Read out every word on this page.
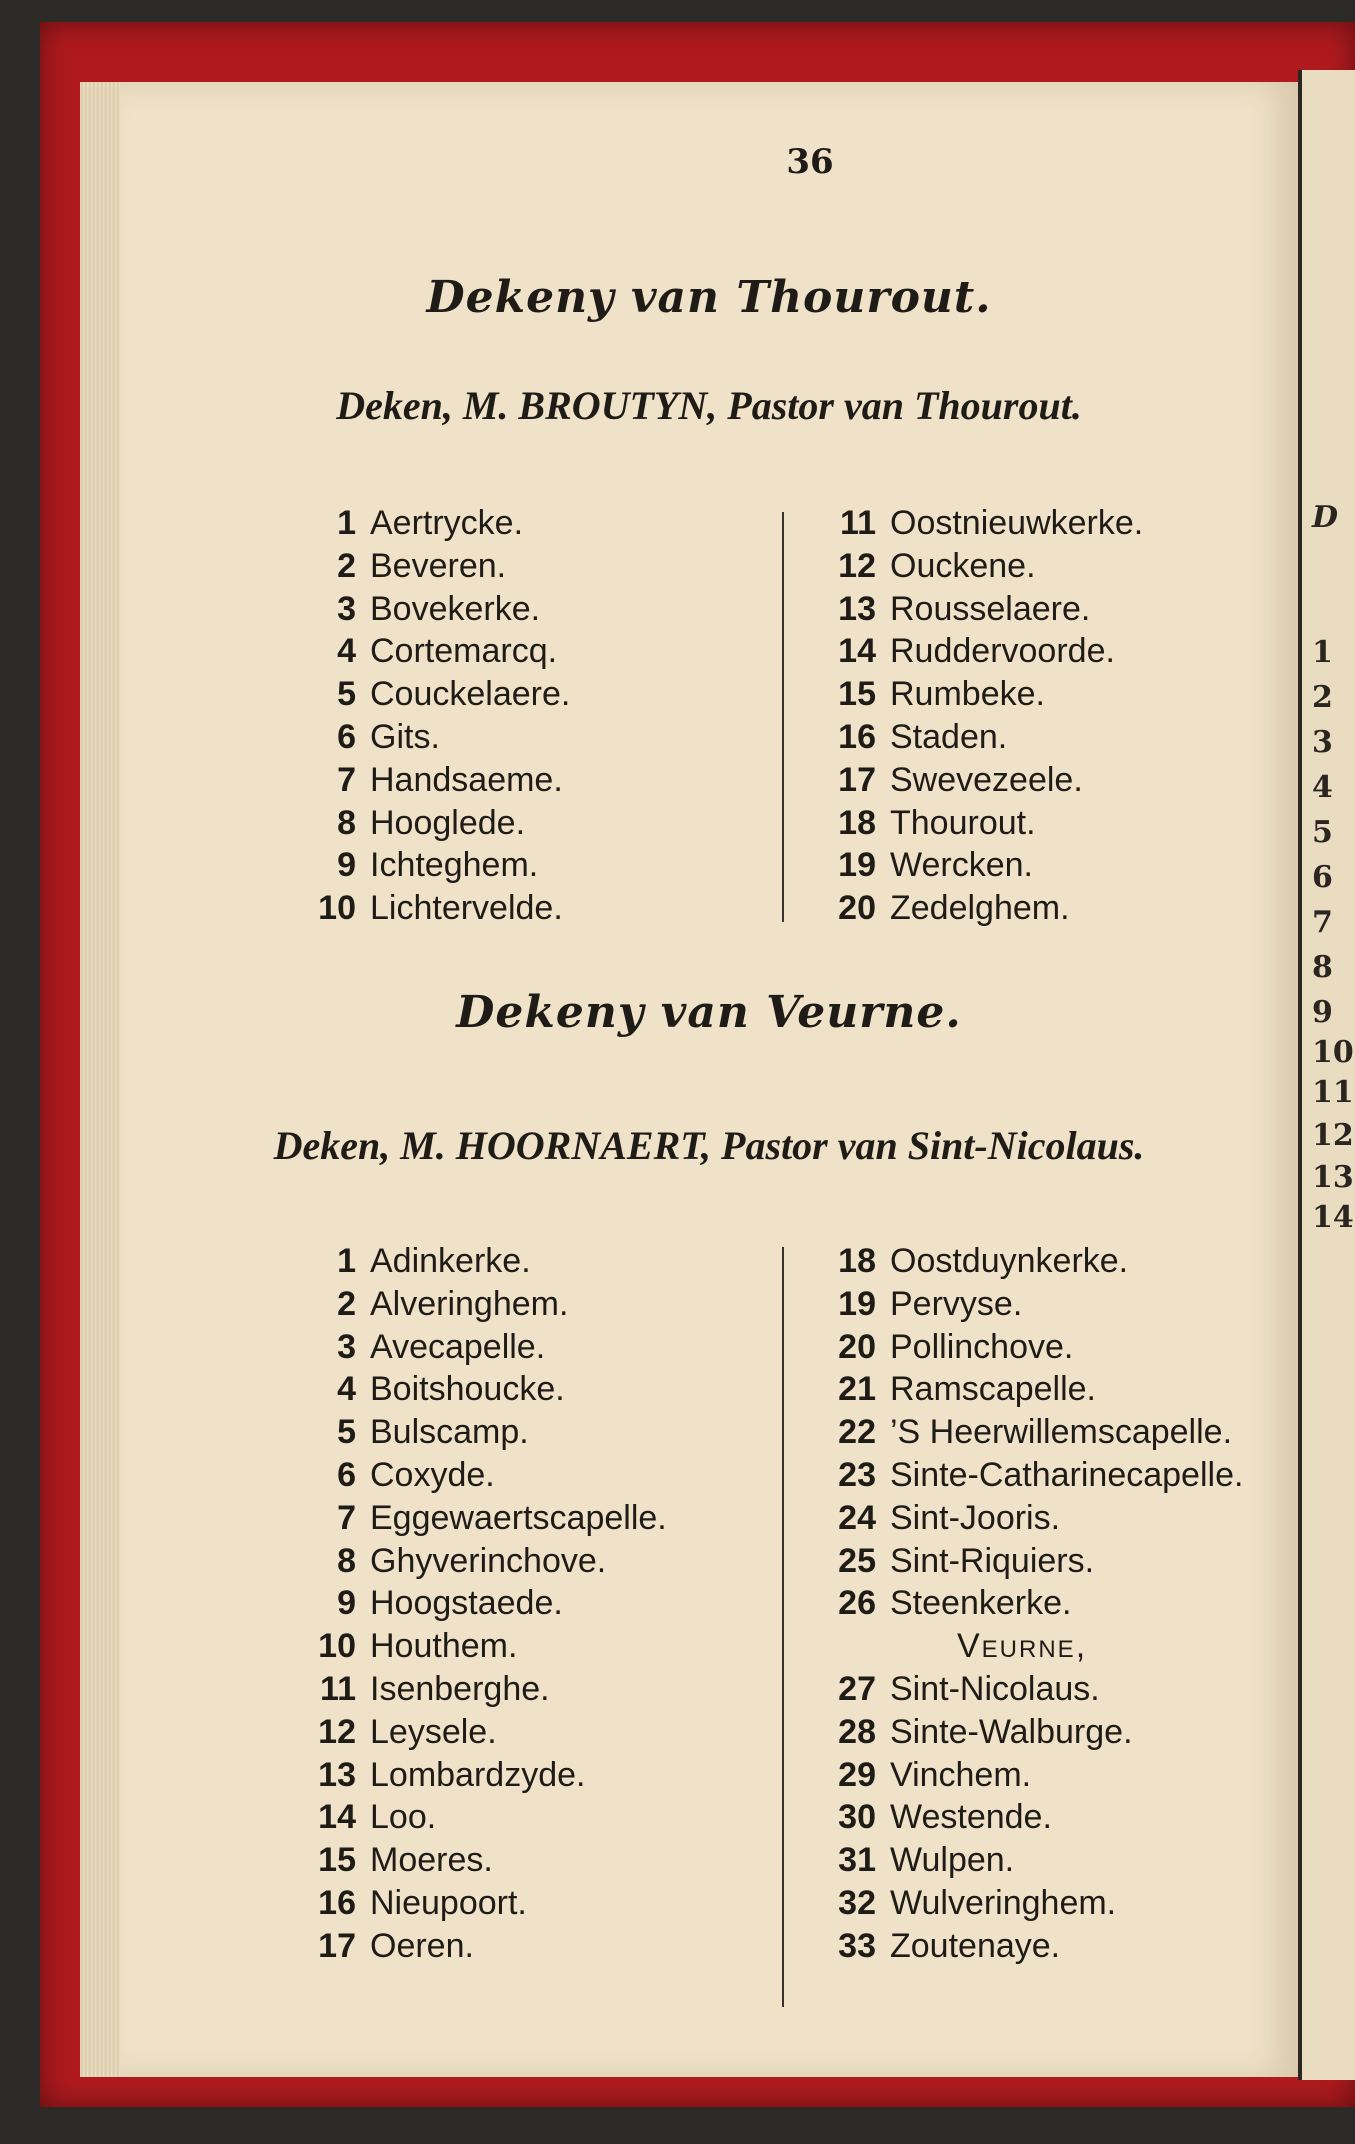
36
Dekeny van Thourout.
Deken, M. BROUTYN, Pastor van Thourout.
1 Aertrycke.
2 Beveren.
3 Bovekerke.
4 Cortemarcq.
5 Couckelaere.
6 Gits.
7 Handsaeme.
8 Hooglede.
9 Ichteghem.
10 Lichtervelde.
11 Oostnieuwkerke.
12 Ouckene.
13 Rousselaere.
14 Ruddervoorde.
15 Rumbeke.
16 Staden.
17 Swevezeele.
18 Thourout.
19 Wercken.
20 Zedelghem.
Dekeny van Veurne.
Deken, M. HOORNAERT, Pastor van Sint-Nicolaus.
1 Adinkerke.
2 Alveringhem.
3 Avecapelle.
4 Boitshoucke.
5 Bulscamp.
6 Coxyde.
7 Eggewaertscapelle.
8 Ghyverinchove.
9 Hoogstaede.
10 Houthem.
11 Isenberghe.
12 Leysele.
13 Lombardzyde.
14 Loo.
15 Moeres.
16 Nieupoort.
17 Oeren.
18 Oostduynkerke.
19 Pervyse.
20 Pollinchove.
21 Ramscapelle.
22 ’S Heerwillemscapelle.
23 Sinte-Catharinecapelle.
24 Sint-Jooris.
25 Sint-Riquiers.
26 Steenkerke.
Veurne,
27 Sint-Nicolaus.
28 Sinte-Walburge.
29 Vinchem.
30 Westende.
31 Wulpen.
32 Wulveringhem.
33 Zoutenaye.
D
1
2
3
4
5
6
7
8
9
10
11
12
13
14
